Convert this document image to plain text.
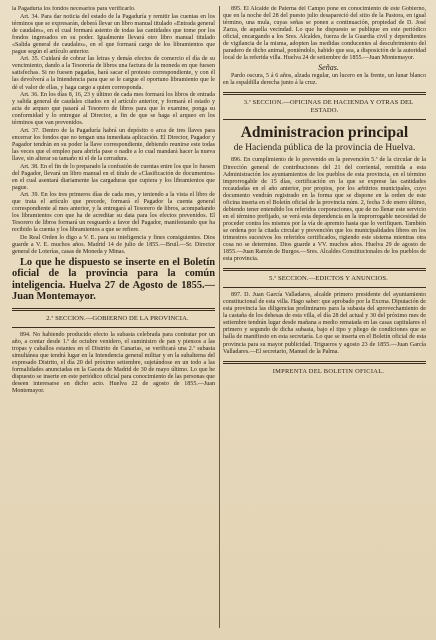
la Pagaduría los fondos necesarios para verificarlo.

Art. 34. Para dar noticia del estado de la Pagaduría y remitir las cuentas en los términos que se expresarán, deberá llevar un libro manual titulado «Entrada general de caudales», en el cual formará asiento de todas las cantidades que tome por los fondos ingresados en su poder. Igualmente llevará otro libro manual titulado «Salida general de caudales», en el que formará cargo de los libramientos que pague según el artículo anterior.

Art. 35. Cuidará de cobrar las letras y demás efectos de comercio el día de su vencimiento, dando a la Tesorería de libros una factura de la moneda en que fuesen satisfechas. Si no fuesen pagadas, hará sacar el protesto correspondiente, y con él las devolverá a la Intendencia para que se le cargue el oportuno libramiento que le dé el valor de ellas, y haga cargo a quien corresponda.

Art. 36. En los días 8, 16, 23 y último de cada mes formará los libros de entrada y salida general de caudales citados en el artículo anterior, y formará el estado y acta de arqueo que pasará al Tesorero de libros para que lo examine, ponga su conformidad y lo entregue al Director, a fin de que se haga el arqueo en los términos que van prevenidos.

Art. 37. Dentro de la Pagaduría habrá un depósito o arca de tres llaves para encerrar los fondos que no tengan una inmediata aplicación. El Director, Pagador y Pagador tendrán en su poder la llave correspondiente, debiendo reunirse este todas las veces que el empleo para abrirla pase o nadie a lo cual mandará hacer la nueva llave, sin alterar su tamaño ni el de la cerradura.

Art. 38. En el fin de lo preparado la confusión de cuentas entre los que lo fuesen del Pagador, llevará un libro manual en el título de «Clasificación de documentos» en el cual asentará diariamente las cargaduras que cupiera y los libramientos que pague.

Art. 39. En los tres primeros días de cada mes, y teniendo a la vista el libro de que trata el artículo que precede, formará el Pagador la cuenta general correspondiente al mes anterior, y la entregará al Tesorero de libros, acompañando los libramientos con que ha de acreditar su data para los efectos prevenidos. El Tesorero de libros formará un resguardo a favor del Pagador, manifestando que ha recibido la cuenta y los libramientos a que se refiere.

De Real Orden lo digo a V. E. para su inteligencia y fines consiguientes. Dios guarde a V. E. muchos años. Madrid 14 de julio de 1855.—Bruil.—Sr. Director general de Loterías, casas de Moneda y Minas.

Lo que he dispuesto se inserte en el Boletín oficial de la provincia para la común inteligencia. Huelva 27 de Agosto de 1855.—Juan Montemayor.

2.ª SECCION.—GOBIERNO DE LA PROVINCIA.

894. No habiendo producido efecto la subasta celebrada para contratar por un año, a contar desde 1.º de octubre venidero, el suministro de pan y piensos a las tropas y caballos estantes en el Distrito de Canarias, se verificará una 2.ª subasta simultánea que tendrá lugar en la Intendencia general militar y en la subalterna del expresado Distrito, el día 20 del próximo setiembre, sujetándose en un todo a las formalidades anunciadas en la Gaceta de Madrid de 30 de mayo último. Lo que he dispuesto se inserte en este periódico oficial para conocimiento de las personas que deseen interesarse en dicho acto. Huelva 22 de agosto de 1855.—Juan Montemayor.

895. El Alcalde de Paterna del Campo pone en conocimiento de este Gobierno, que en la noche del 28 del puesto julio desapareció del sitio de la Pastora, en igual término, una mula, cuyas señas se ponen a continuación, propiedad de D. José Zarza, de aquella vecindad. Lo que he dispuesto se publique en este periódico oficial, encargando a los Sres. Alcaldes, fuerza de la Guardia civil y dependientes de vigilancia de la misma, adopten las medidas conducentes al descubrimiento del paradero de dicho animal, poniéndolo, habido que sea, a disposición de la autoridad local de la referida villa. Huelva 24 de setiembre de 1855.—Juan Montemayor.

Señas.

Pardo oscura, 5 á 6 años, alzada regular, un lucero en la frente, un lunar blanco en la espaldilla derecha junto á la cruz.

3.ª SECCION.—OFICINAS DE HACIENDA Y OTRAS DEL ESTADO.

Administracion principal
de Hacienda pública de la provincia de Huelva.

896. En cumplimiento de lo prevenido en la prevención 5.ª de la circular de la Dirección general de contribuciones del 21 del corriental, remitida a esta Administración los ayuntamientos de los pueblos de esta provincia, en el término improrrogable de 15 días, certificación en la que se exprese las cantidades recaudadas en el año anterior, por propios, por los arbitrios municipales, cuyo documento vendrán registrado en la forma que se dispone en la orden de este oficina inserta en el Boletín oficial de la provincia núm. 2, fecha 3 de enero último, debiendo tener entendido los referidos corporaciones, que de no llenar este servicio en el término prefijado, se verá esta dependencia en la improrrogable necesidad de proceder contra los mismos por la vía de apremio hasta que lo verifiquen. También se ordena por la citada circular y prevención que los municipalidades libres en los trimestres sucesivos los referidos certificados, rigiendo este sistema mientras otra cosa no se determine. Dios guarde a VV. muchos años. Huelva 29 de agosto de 1855.—Juan Ramón de Burgos.—Sres. Alcaldes Constitucionales de los pueblos de esta provincia.

5.ª SECCION.—EDICTOS Y ANUNCIOS.

897. D. Juan García Valladares, alcalde primero presidente del ayuntamiento constitucional de esta villa. Hago saber: que aprobado por la Excma. Diputación de esta provincia las diligencias preliminares para la subasta del aprovechamiento de la castaña de los dehesas de esta villa, el día 28 del actual y 30 del próximo mes de setiembre tendrán lugar desde mañana a medio rematada en las casas capitulares el primero y segundo de dicha subasta, bajo el tipo y pliego de condiciones que se halla de manifiesto en esta secretaría. Lo que se inserta en el Boletín oficial de esta provincia para su mayor publicidad. Trigueros y agosto 23 de 1855.—Juan García Valladares.—El secretario, Manuel de la Palma.

IMPRENTA DEL BOLETIN OFICIAL.
